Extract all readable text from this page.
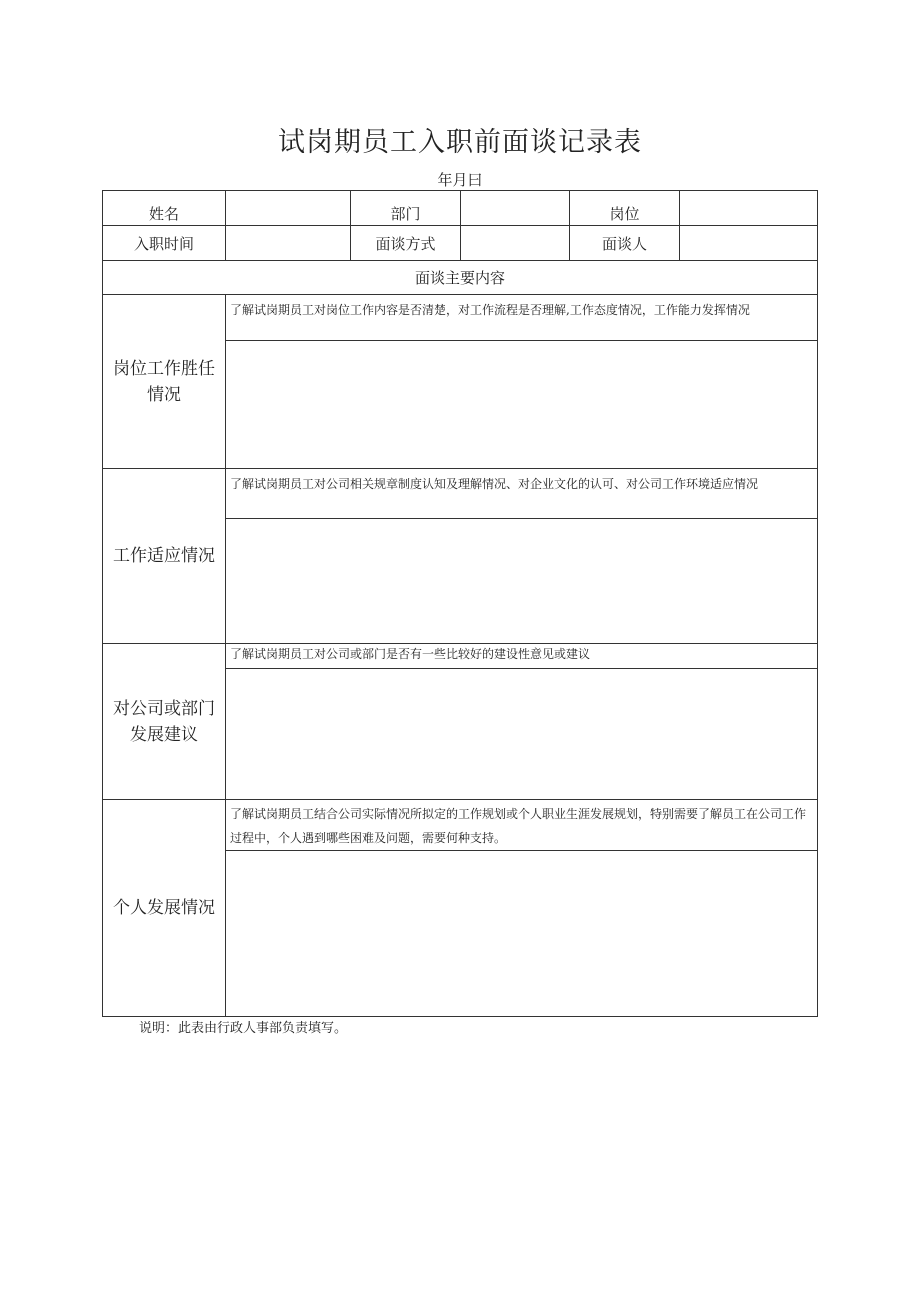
试岗期员工入职前面谈记录表
年月曰
姓名		部门		岗位	
入职时间		面谈方式		面谈人	
面谈主要内容					
岗位工作胜任情况	了解试岗期员工对岗位工作内容是否清楚，对工作流程是否理解,工作态度情况，工作能力发挥情况				

工作适应情况	了解试岗期员工对公司相关规章制度认知及理解情况、对企业文化的认可、对公司工作环境适应情况				

对公司或部门发展建议	了解试岗期员工对公司或部门是否有一些比较好的建设性意见或建议				

个人发展情况	了解试岗期员工结合公司实际情况所拟定的工作规划或个人职业生涯发展规划，特别需要了解员工在公司工作过程中，个人遇到哪些困难及问题，需要何种支持。				

说明：此表由行政人事部负责填写。
